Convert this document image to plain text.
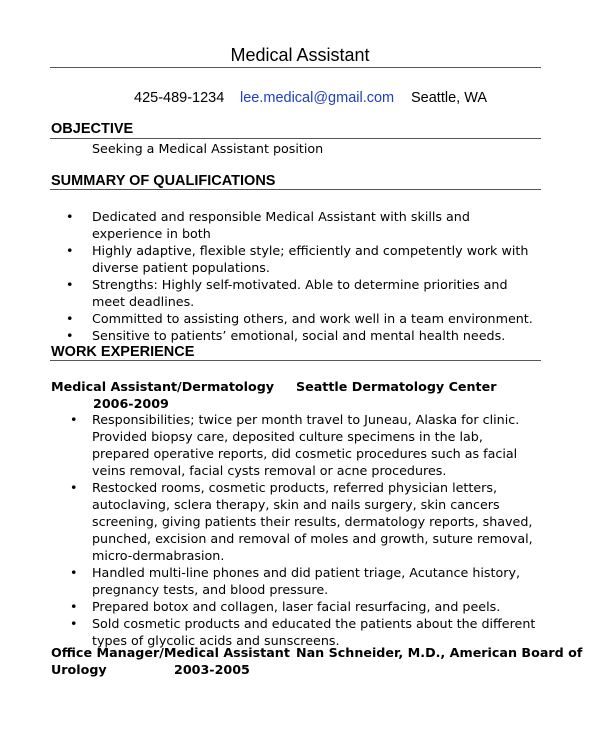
Medical Assistant
425-489-1234 lee.medical@gmail.com Seattle, WA
OBJECTIVE
Seeking a Medical Assistant position
SUMMARY OF QUALIFICATIONS
• Dedicated and responsible Medical Assistant with skills and experience in both
• Highly adaptive, flexible style; efficiently and competently work with diverse patient populations.
• Strengths: Highly self-motivated. Able to determine priorities and meet deadlines.
• Committed to assisting others, and work well in a team environment.
• Sensitive to patients’ emotional, social and mental health needs.
WORK EXPERIENCE
Medical Assistant/Dermatology Seattle Dermatology Center
2006-2009
• Responsibilities; twice per month travel to Juneau, Alaska for clinic. Provided biopsy care, deposited culture specimens in the lab, prepared operative reports, did cosmetic procedures such as facial veins removal, facial cysts removal or acne procedures.
• Restocked rooms, cosmetic products, referred physician letters, autoclaving, sclera therapy, skin and nails surgery, skin cancers screening, giving patients their results, dermatology reports, shaved, punched, excision and removal of moles and growth, suture removal, micro-dermabrasion.
• Handled multi-line phones and did patient triage, Acutance history, pregnancy tests, and blood pressure.
• Prepared botox and collagen, laser facial resurfacing, and peels.
• Sold cosmetic products and educated the patients about the different types of glycolic acids and sunscreens.
Office Manager/Medical Assistant Nan Schneider, M.D., American Board of
Urology	2003-2005
